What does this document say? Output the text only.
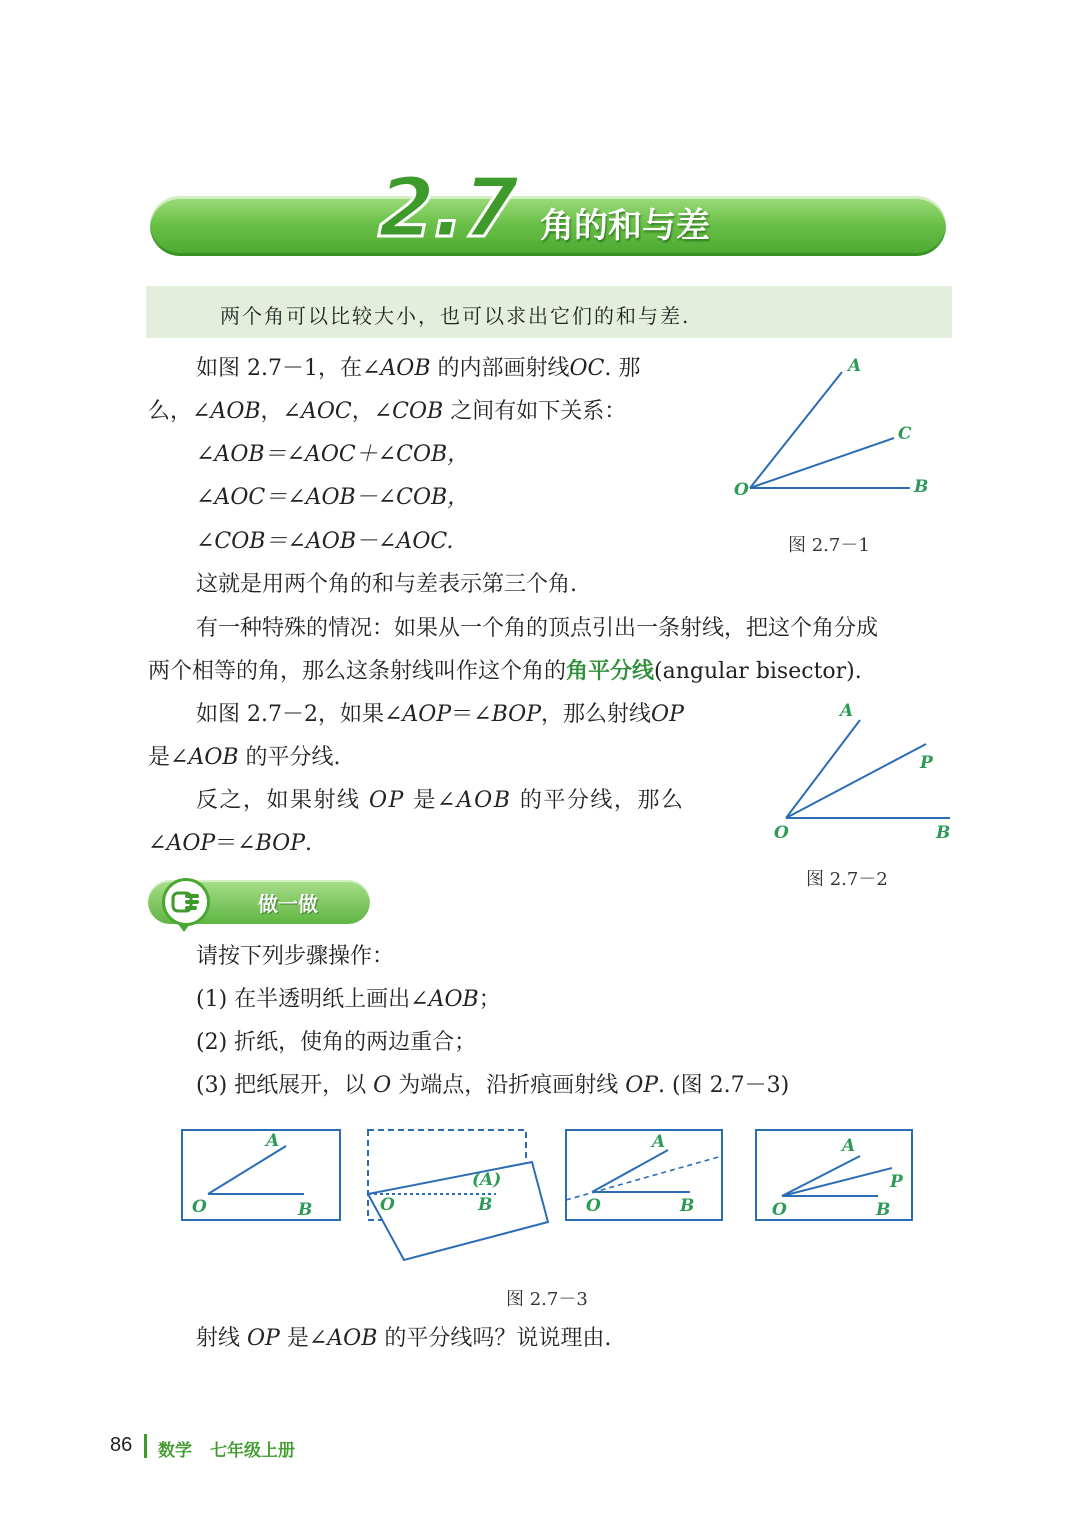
2.7 角的和与差
两个角可以比较大小，也可以求出它们的和与差.
如图 2.7－1，在∠AOB 的内部画射线OC. 那
么，∠AOB，∠AOC，∠COB 之间有如下关系：
∠AOB＝∠AOC＋∠COB，
∠AOC＝∠AOB－∠COB，
∠COB＝∠AOB－∠AOC.
A
C
O	B
图 2.7－1
这就是用两个角的和与差表示第三个角.
有一种特殊的情况：如果从一个角的顶点引出一条射线，把这个角分成
两个相等的角，那么这条射线叫作这个角的角平分线(angular bisector).
如图 2.7－2，如果∠AOP＝∠BOP，那么射线OP
是∠AOB 的平分线.
反之，如果射线 OP 是∠AOB 的平分线，那么
∠AOP＝∠BOP.
A
P
O	B
图 2.7－2
做一做
请按下列步骤操作：
(1) 在半透明纸上画出∠AOB；
(2) 折纸，使角的两边重合；
(3) 把纸展开，以 O 为端点，沿折痕画射线 OP. (图 2.7－3)
A
O	B
(A)
O	B
A
O	B
A
P
O	B
图 2.7－3
射线 OP 是∠AOB 的平分线吗？说说理由.
86 数学 七年级上册
